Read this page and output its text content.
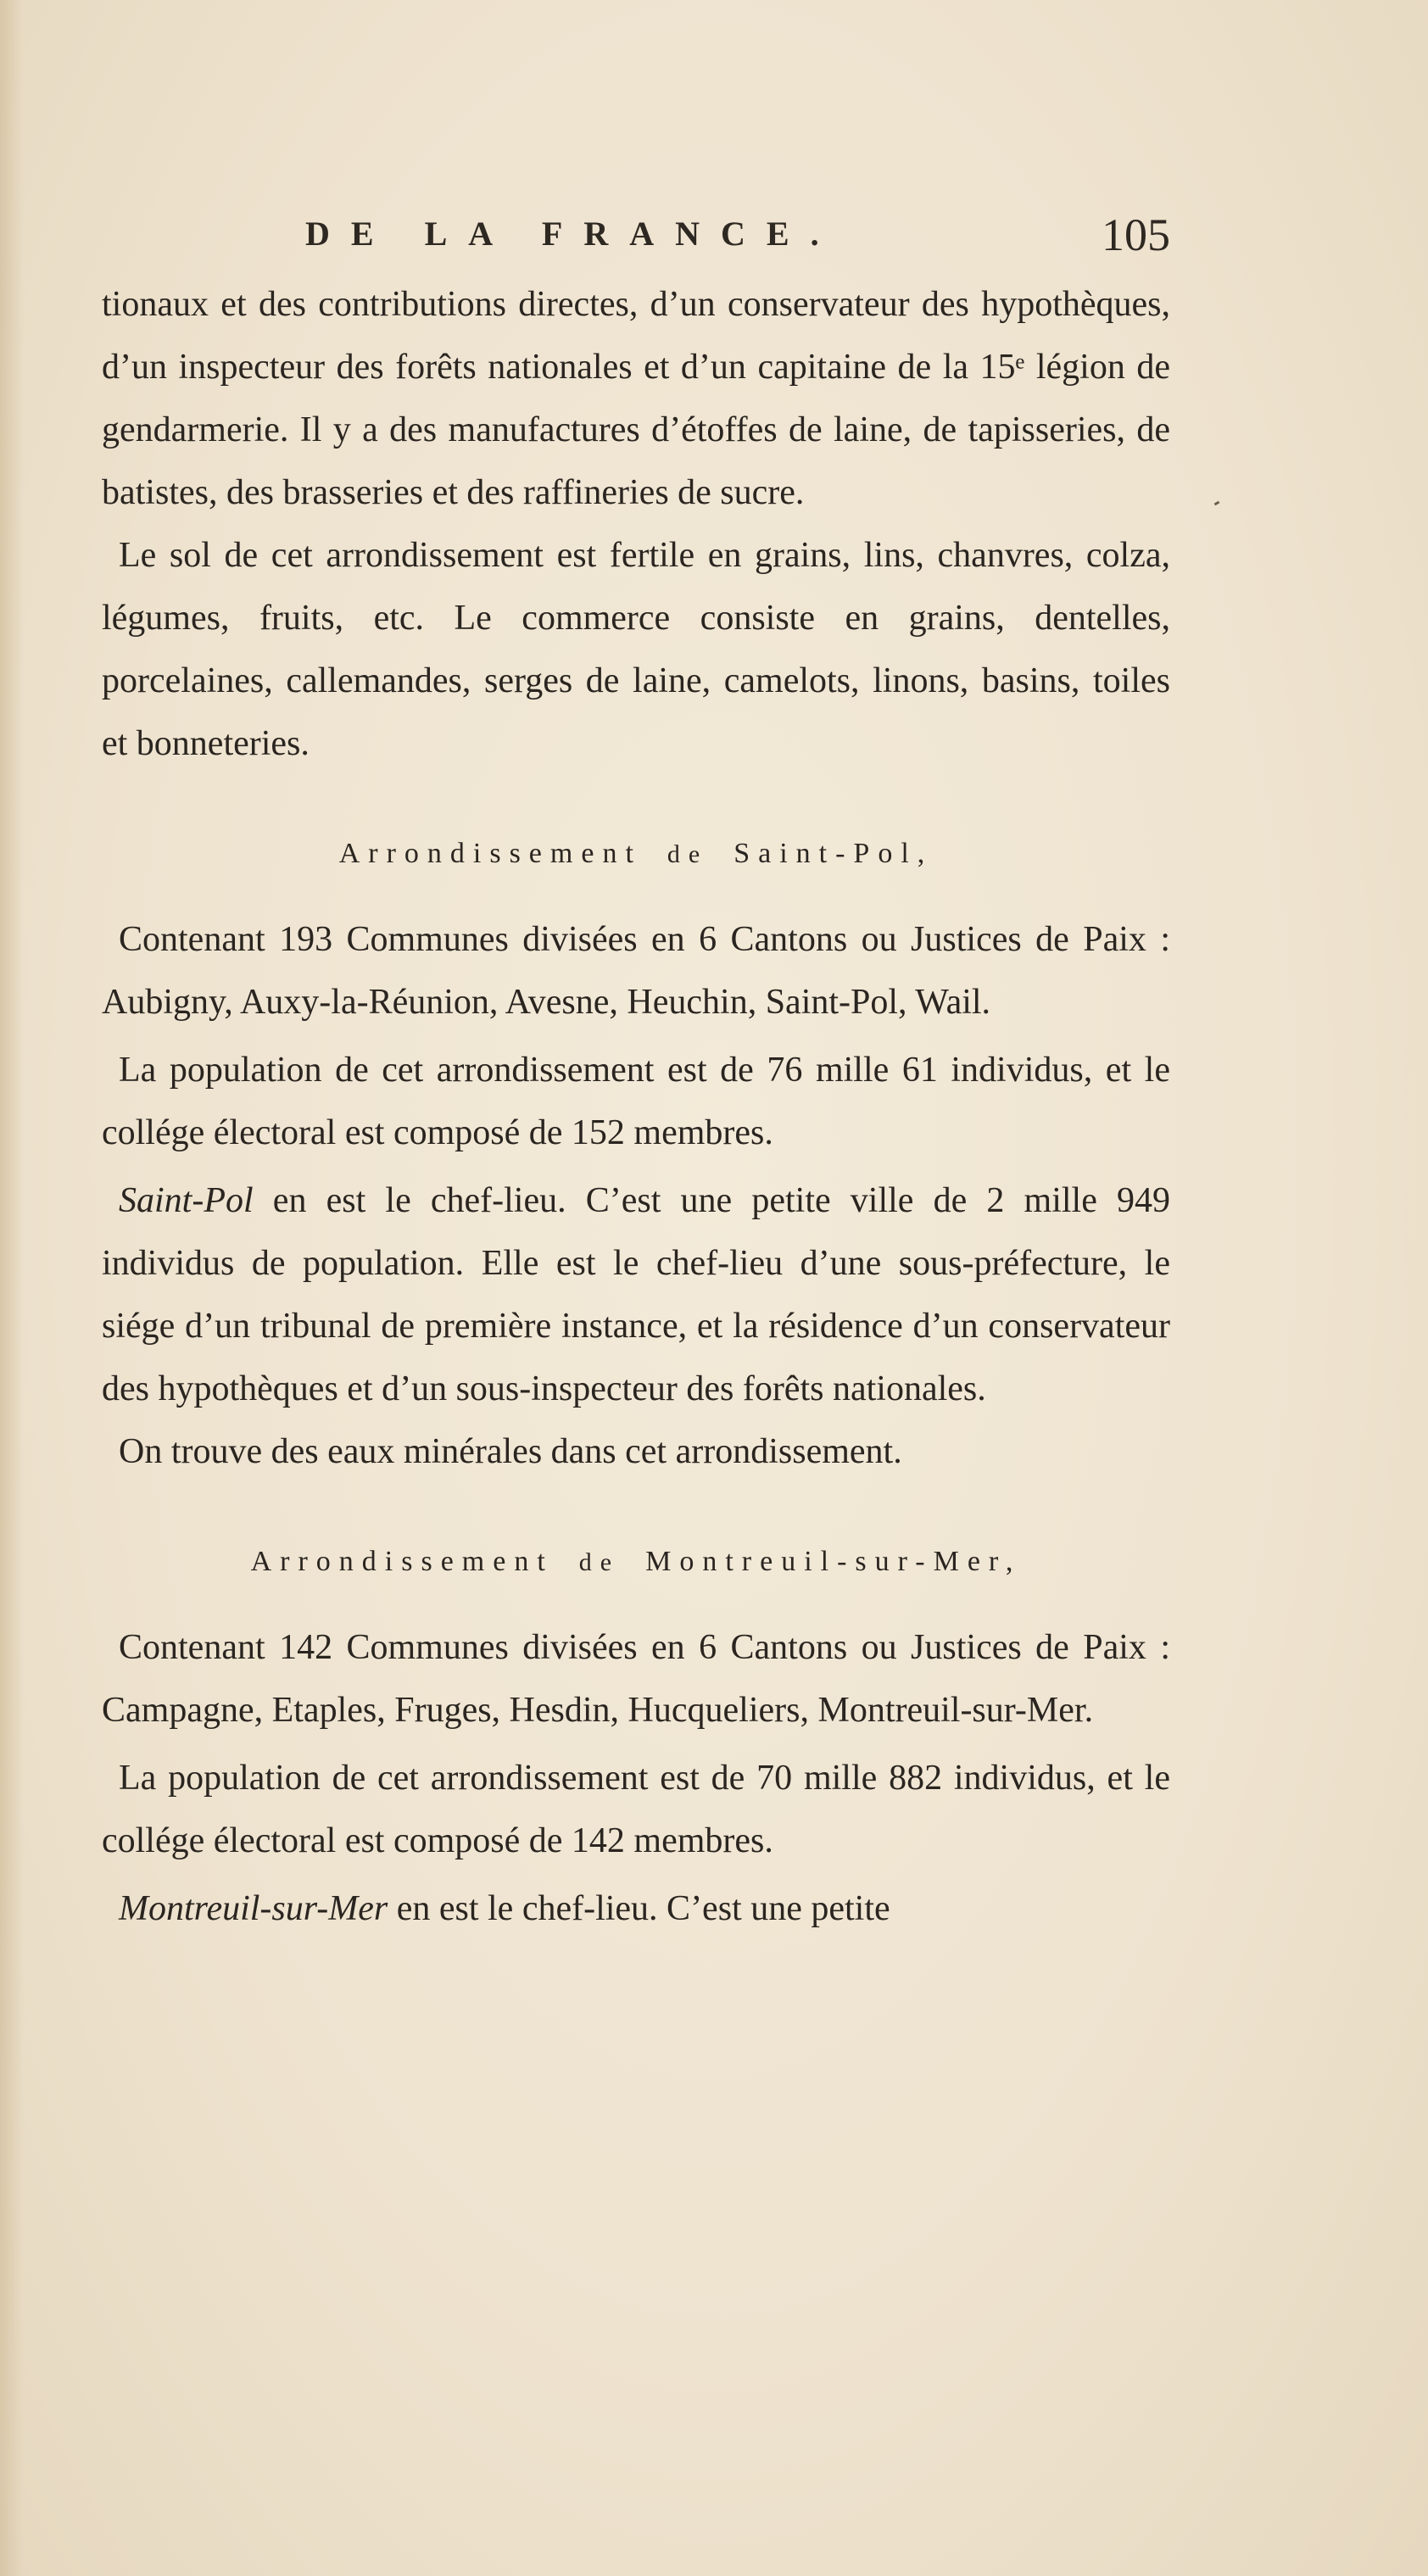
DE LA FRANCE.	105

tionaux et des contributions directes, d’un conservateur des hypothèques, d’un inspecteur des forêts nationales et d’un capitaine de la 15ᵉ légion de gendarmerie. Il y a des manufactures d’étoffes de laine, de tapisseries, de batistes, des brasseries et des raffineries de sucre.

Le sol de cet arrondissement est fertile en grains, lins, chanvres, colza, légumes, fruits, etc. Le commerce consiste en grains, dentelles, porcelaines, callemandes, serges de laine, camelots, linons, basins, toiles et bonneteries.

Arrondissement de Saint-Pol,

Contenant 193 Communes divisées en 6 Cantons ou Justices de Paix : Aubigny, Auxy-la-Réunion, Avesne, Heuchin, Saint-Pol, Wail.

La population de cet arrondissement est de 76 mille 61 individus, et le collége électoral est composé de 152 membres.

Saint-Pol en est le chef-lieu. C’est une petite ville de 2 mille 949 individus de population. Elle est le chef-lieu d’une sous-préfecture, le siége d’un tribunal de première instance, et la résidence d’un conservateur des hypothèques et d’un sous-inspecteur des forêts nationales.

On trouve des eaux minérales dans cet arrondissement.

Arrondissement de Montreuil-sur-Mer,

Contenant 142 Communes divisées en 6 Cantons ou Justices de Paix : Campagne, Etaples, Fruges, Hesdin, Hucqueliers, Montreuil-sur-Mer.

La population de cet arrondissement est de 70 mille 882 individus, et le collége électoral est composé de 142 membres.

Montreuil-sur-Mer en est le chef-lieu. C’est une petite
